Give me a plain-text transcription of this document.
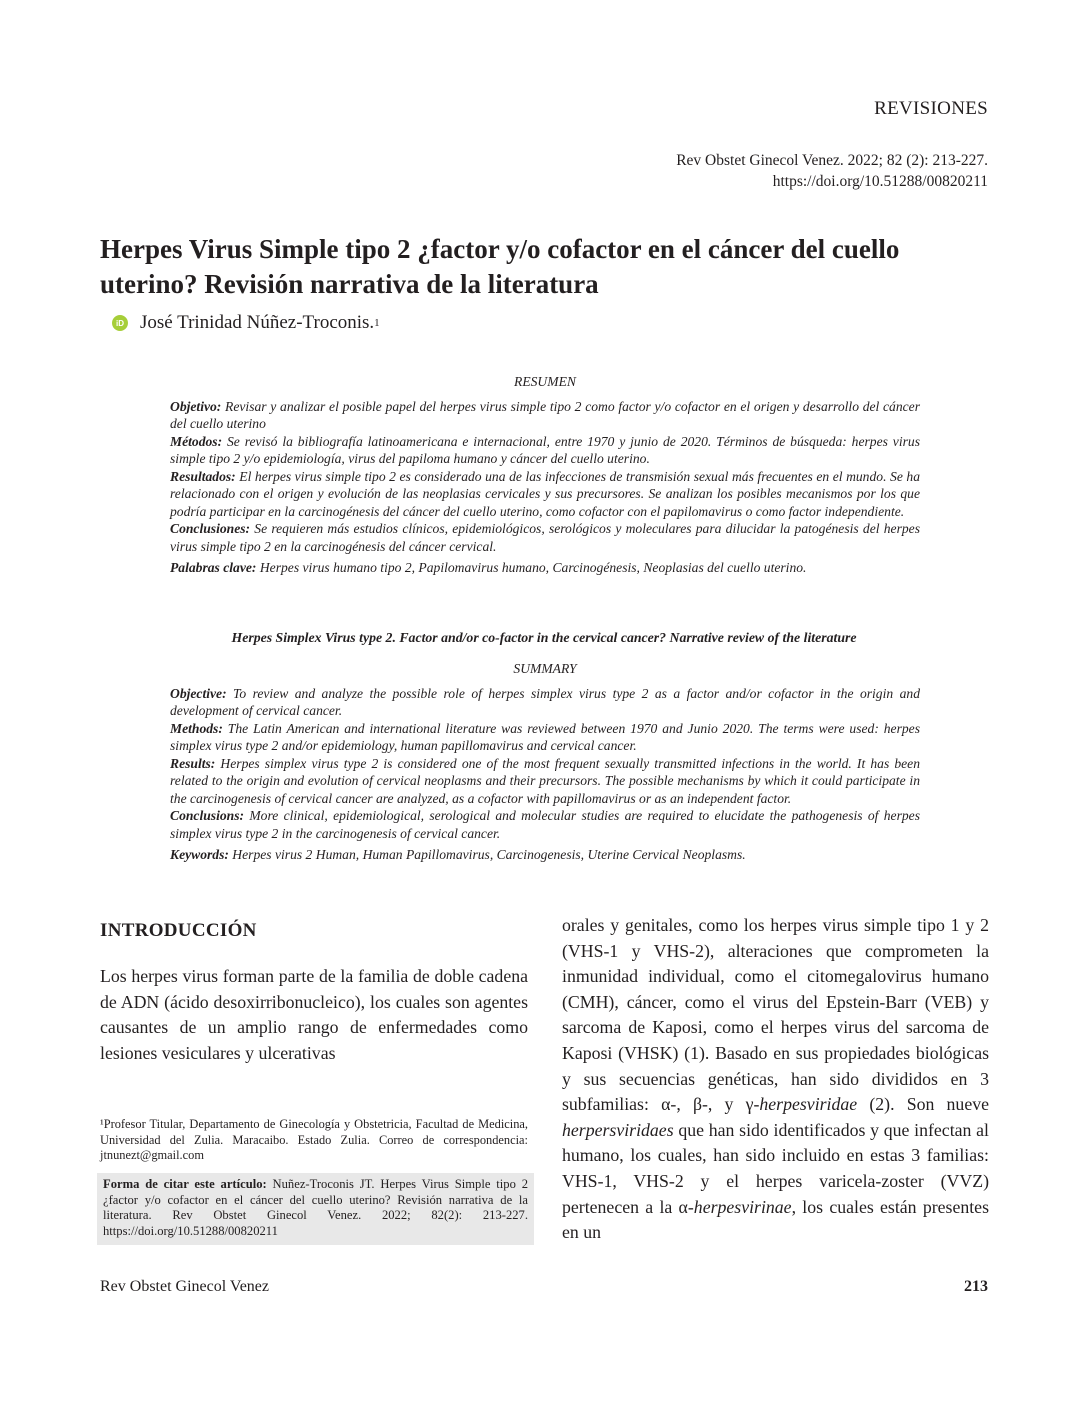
REVISIONES
Rev Obstet Ginecol Venez. 2022; 82 (2): 213-227.
https://doi.org/10.51288/00820211
Herpes Virus Simple tipo 2 ¿factor y/o cofactor en el cáncer del cuello uterino? Revisión narrativa de la literatura
iD José Trinidad Núñez-Troconis. 1
RESUMEN

Objetivo: Revisar y analizar el posible papel del herpes virus simple tipo 2 como factor y/o cofactor en el origen y desarrollo del cáncer del cuello uterino

Métodos: Se revisó la bibliografía latinoamericana e internacional, entre 1970 y junio de 2020. Términos de búsqueda: herpes virus simple tipo 2 y/o epidemiología, virus del papiloma humano y cáncer del cuello uterino.

Resultados: El herpes virus simple tipo 2 es considerado una de las infecciones de transmisión sexual más frecuentes en el mundo. Se ha relacionado con el origen y evolución de las neoplasias cervicales y sus precursores. Se analizan los posibles mecanismos por los que podría participar en la carcinogénesis del cáncer del cuello uterino, como cofactor con el papilomavirus o como factor independiente.

Conclusiones: Se requieren más estudios clínicos, epidemiológicos, serológicos y moleculares para dilucidar la patogénesis del herpes virus simple tipo 2 en la carcinogénesis del cáncer cervical.

Palabras clave: Herpes virus humano tipo 2, Papilomavirus humano, Carcinogénesis, Neoplasias del cuello uterino.

Herpes Simplex Virus type 2. Factor and/or co-factor in the cervical cancer? Narrative review of the literature
SUMMARY

Objective: To review and analyze the possible role of herpes simplex virus type 2 as a factor and/or cofactor in the origin and development of cervical cancer.

Methods: The Latin American and international literature was reviewed between 1970 and Junio 2020. The terms were used: herpes simplex virus type 2 and/or epidemiology, human papillomavirus and cervical cancer.

Results: Herpes simplex virus type 2 is considered one of the most frequent sexually transmitted infections in the world. It has been related to the origin and evolution of cervical neoplasms and their precursors. The possible mechanisms by which it could participate in the carcinogenesis of cervical cancer are analyzed, as a cofactor with papillomavirus or as an independent factor.

Conclusions: More clinical, epidemiological, serological and molecular studies are required to elucidate the pathogenesis of herpes simplex virus type 2 in the carcinogenesis of cervical cancer.

Keywords: Herpes virus 2 Human, Human Papillomavirus, Carcinogenesis, Uterine Cervical Neoplasms.

INTRODUCCIÓN
Los herpes virus forman parte de la familia de doble cadena de ADN (ácido desoxirribonucleico), los cuales son agentes causantes de un amplio rango de enfermedades como lesiones vesiculares y ulcerativas
¹Profesor Titular, Departamento de Ginecología y Obstetricia, Facultad de Medicina, Universidad del Zulia. Maracaibo. Estado Zulia. Correo de correspondencia: jtnunezt@gmail.com
Forma de citar este artículo: Nuñez-Troconis JT. Herpes Virus Simple tipo 2 ¿factor y/o cofactor en el cáncer del cuello uterino? Revisión narrativa de la literatura. Rev Obstet Ginecol Venez. 2022; 82(2): 213-227. https://doi.org/10.51288/00820211
orales y genitales, como los herpes virus simple tipo 1 y 2 (VHS-1 y VHS-2), alteraciones que comprometen la inmunidad individual, como el citomegalovirus humano (CMH), cáncer, como el virus del Epstein-Barr (VEB) y sarcoma de Kaposi, como el herpes virus del sarcoma de Kaposi (VHSK) (1). Basado en sus propiedades biológicas y sus secuencias genéticas, han sido divididos en 3 subfamilias: α-, β-, y γ-herpesviridae (2). Son nueve herpersviridaes que han sido identificados y que infectan al humano, los cuales, han sido incluido en estas 3 familias: VHS-1, VHS-2 y el herpes varicela-zoster (VVZ) pertenecen a la α-herpesvirinae, los cuales están presentes en un
Rev Obstet Ginecol Venez	213
